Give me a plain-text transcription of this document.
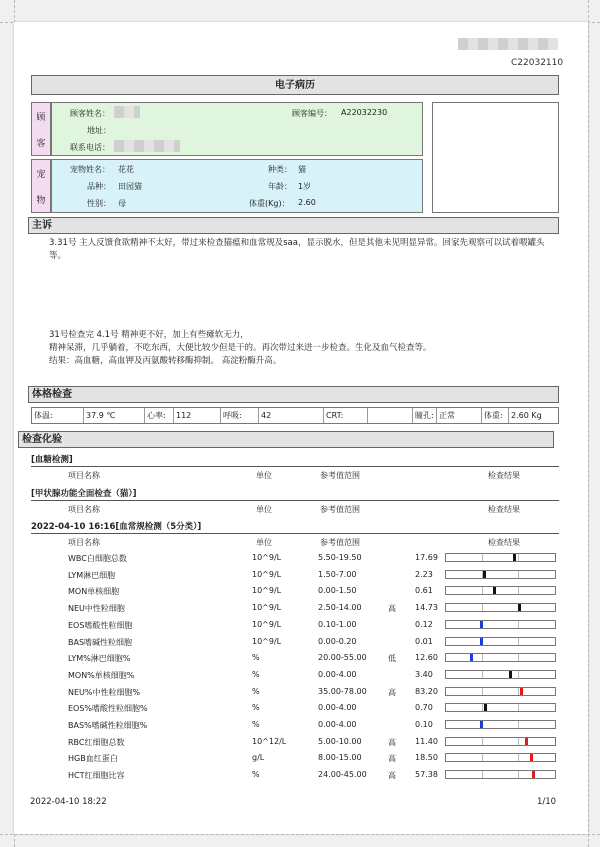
C22032110
电子病历
顾
客
顾客姓名：	顾客编号： A22032230
地址：
联系电话：
宠
物
宠物姓名： 花花	种类： 猫
品种： 田园猫	年龄： 1岁
性别： 母	体重(Kg)： 2.60
主诉
3.31号 主人反馈食欲精神不太好，带过来检查猫瘟和血常规及saa，显示脱水，但是其他未见明显异常。回家先观察可以试着喂罐头等。
31号检查完 4.1号 精神更不好，加上有些瘫软无力，
精神呆滞，几乎躺着，不吃东西，大便比较少但是干的。再次带过来进一步检查。生化及血气检查等。
结果：高血糖，高血钾及丙氨酸转移酶抑制。 高淀粉酶升高。
体格检查
体温:	37.9 ℃	心率:	112	呼吸:	42	CRT:	瞳孔: 正常	体重:	2.60 Kg
检查化验
[血糖检测]
项目名称	单位	参考值范围	检查结果
[甲状腺功能全面检查（猫）]
项目名称	单位	参考值范围	检查结果
2022-04-10 16:16[血常规检测（5分类）]
项目名称	单位	参考值范围	检查结果
WBC白细胞总数	10^9/L	5.50-19.50	17.69
LYM淋巴细胞	10^9/L	1.50-7.00	2.23
MON单核细胞	10^9/L	0.00-1.50	0.61
NEU中性粒细胞	10^9/L	2.50-14.00	高 14.73
EOS嗜酸性粒细胞	10^9/L	0.10-1.00	0.12
BAS嗜碱性粒细胞	10^9/L	0.00-0.20	0.01
LYM%淋巴细胞%	%	20.00-55.00	低 12.60
MON%单核细胞%	%	0.00-4.00	3.40
NEU%中性粒细胞%	%	35.00-78.00	高 83.20
EOS%嗜酸性粒细胞%	%	0.00-4.00	0.70
BAS%嗜碱性粒细胞%	%	0.00-4.00	0.10
RBC红细胞总数	10^12/L	5.00-10.00	高 11.40
HGB血红蛋白	g/L	8.00-15.00	高 18.50
HCT红细胞比容	%	24.00-45.00	高 57.38
2022-04-10 18:22	1/10
